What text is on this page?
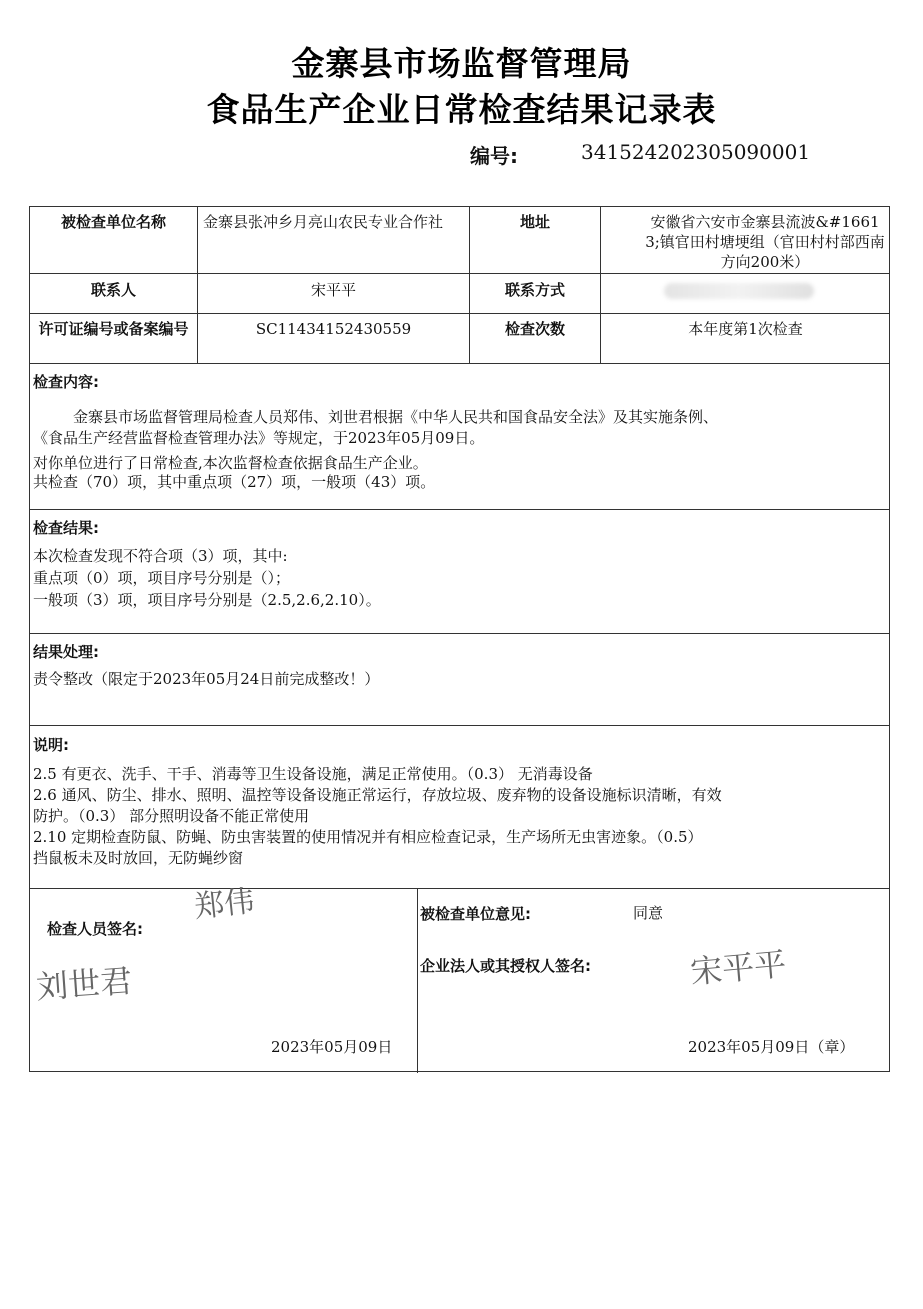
金寨县市场监督管理局
食品生产企业日常检查结果记录表
编号:	341524202305090001
被检查单位名称	金寨县张冲乡月亮山农民专业合作社	地址	安徽省六安市金寨县流波&#16613;镇官田村塘埂组（官田村村部西南方向200米）
联系人	宋平平	联系方式
许可证编号或备案编号	SC11434152430559	检查次数	本年度第1次检查
检查内容:
金寨县市场监督管理局检查人员郑伟、刘世君根据《中华人民共和国食品安全法》及其实施条例、
《食品生产经营监督检查管理办法》等规定，于2023年05月09日。
对你单位进行了日常检查,本次监督检查依据食品生产企业。
共检查（70）项，其中重点项（27）项，一般项（43）项。
检查结果:
本次检查发现不符合项（3）项，其中:
重点项（0）项，项目序号分别是（）；
一般项（3）项，项目序号分别是（2.5,2.6,2.10）。
结果处理:
责令整改（限定于2023年05月24日前完成整改！）
说明:
2.5 有更衣、洗手、干手、消毒等卫生设备设施，满足正常使用。（0.3） 无消毒设备
2.6 通风、防尘、排水、照明、温控等设备设施正常运行，存放垃圾、废弃物的设备设施标识清晰，有效
防护。（0.3） 部分照明设备不能正常使用
2.10 定期检查防鼠、防蝇、防虫害装置的使用情况并有相应检查记录，生产场所无虫害迹象。（0.5）
挡鼠板未及时放回，无防蝇纱窗
检查人员签名:
郑伟
刘世君
2023年05月09日
被检查单位意见:	同意
企业法人或其授权人签名:	宋平平
2023年05月09日（章）
